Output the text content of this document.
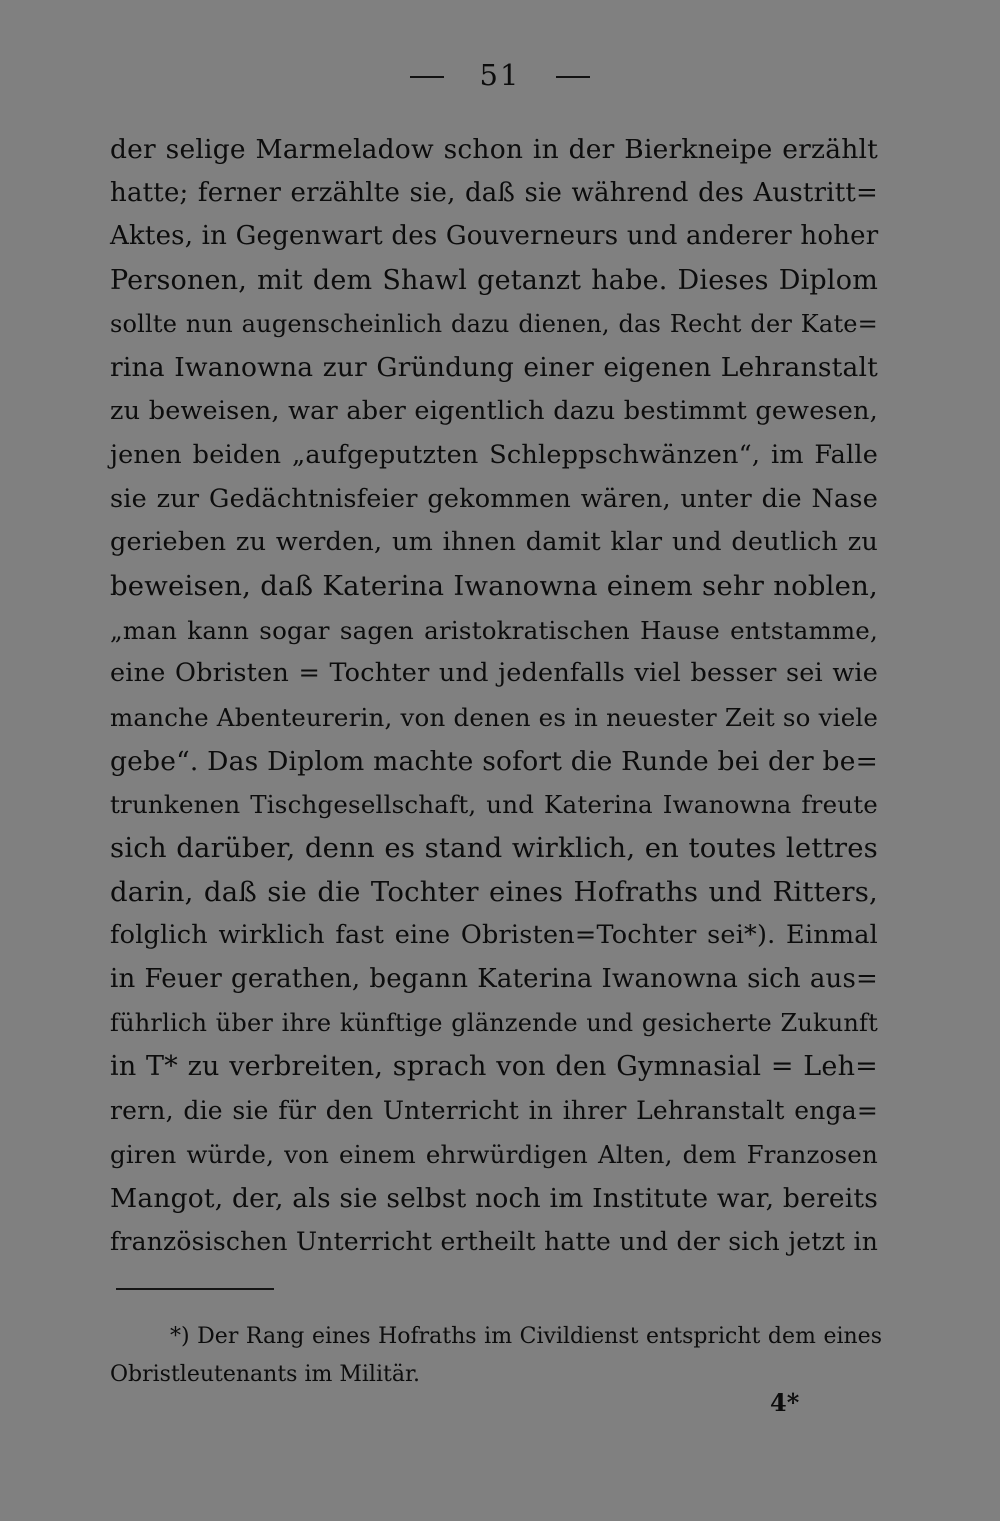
51
der selige Marmeladow schon in der Bierkneipe erzählt
hatte; ferner erzählte sie, daß sie während des Austritt=
Aktes, in Gegenwart des Gouverneurs und anderer hoher
Personen, mit dem Shawl getanzt habe. Dieses Diplom
sollte nun augenscheinlich dazu dienen, das Recht der Kate=
rina Iwanowna zur Gründung einer eigenen Lehranstalt
zu beweisen, war aber eigentlich dazu bestimmt gewesen,
jenen beiden „aufgeputzten Schleppschwänzen“, im Falle
sie zur Gedächtnisfeier gekommen wären, unter die Nase
gerieben zu werden, um ihnen damit klar und deutlich zu
beweisen, daß Katerina Iwanowna einem sehr noblen,
„man kann sogar sagen aristokratischen Hause entstamme,
eine Obristen = Tochter und jedenfalls viel besser sei wie
manche Abenteurerin, von denen es in neuester Zeit so viele
gebe“. Das Diplom machte sofort die Runde bei der be=
trunkenen Tischgesellschaft, und Katerina Iwanowna freute
sich darüber, denn es stand wirklich, en toutes lettres
darin, daß sie die Tochter eines Hofraths und Ritters,
folglich wirklich fast eine Obristen=Tochter sei*). Einmal
in Feuer gerathen, begann Katerina Iwanowna sich aus=
führlich über ihre künftige glänzende und gesicherte Zukunft
in T* zu verbreiten, sprach von den Gymnasial = Leh=
rern, die sie für den Unterricht in ihrer Lehranstalt enga=
giren würde, von einem ehrwürdigen Alten, dem Franzosen
Mangot, der, als sie selbst noch im Institute war, bereits
französischen Unterricht ertheilt hatte und der sich jetzt in
*) Der Rang eines Hofraths im Civildienst entspricht dem eines
Obristleutenants im Militär.
4*
